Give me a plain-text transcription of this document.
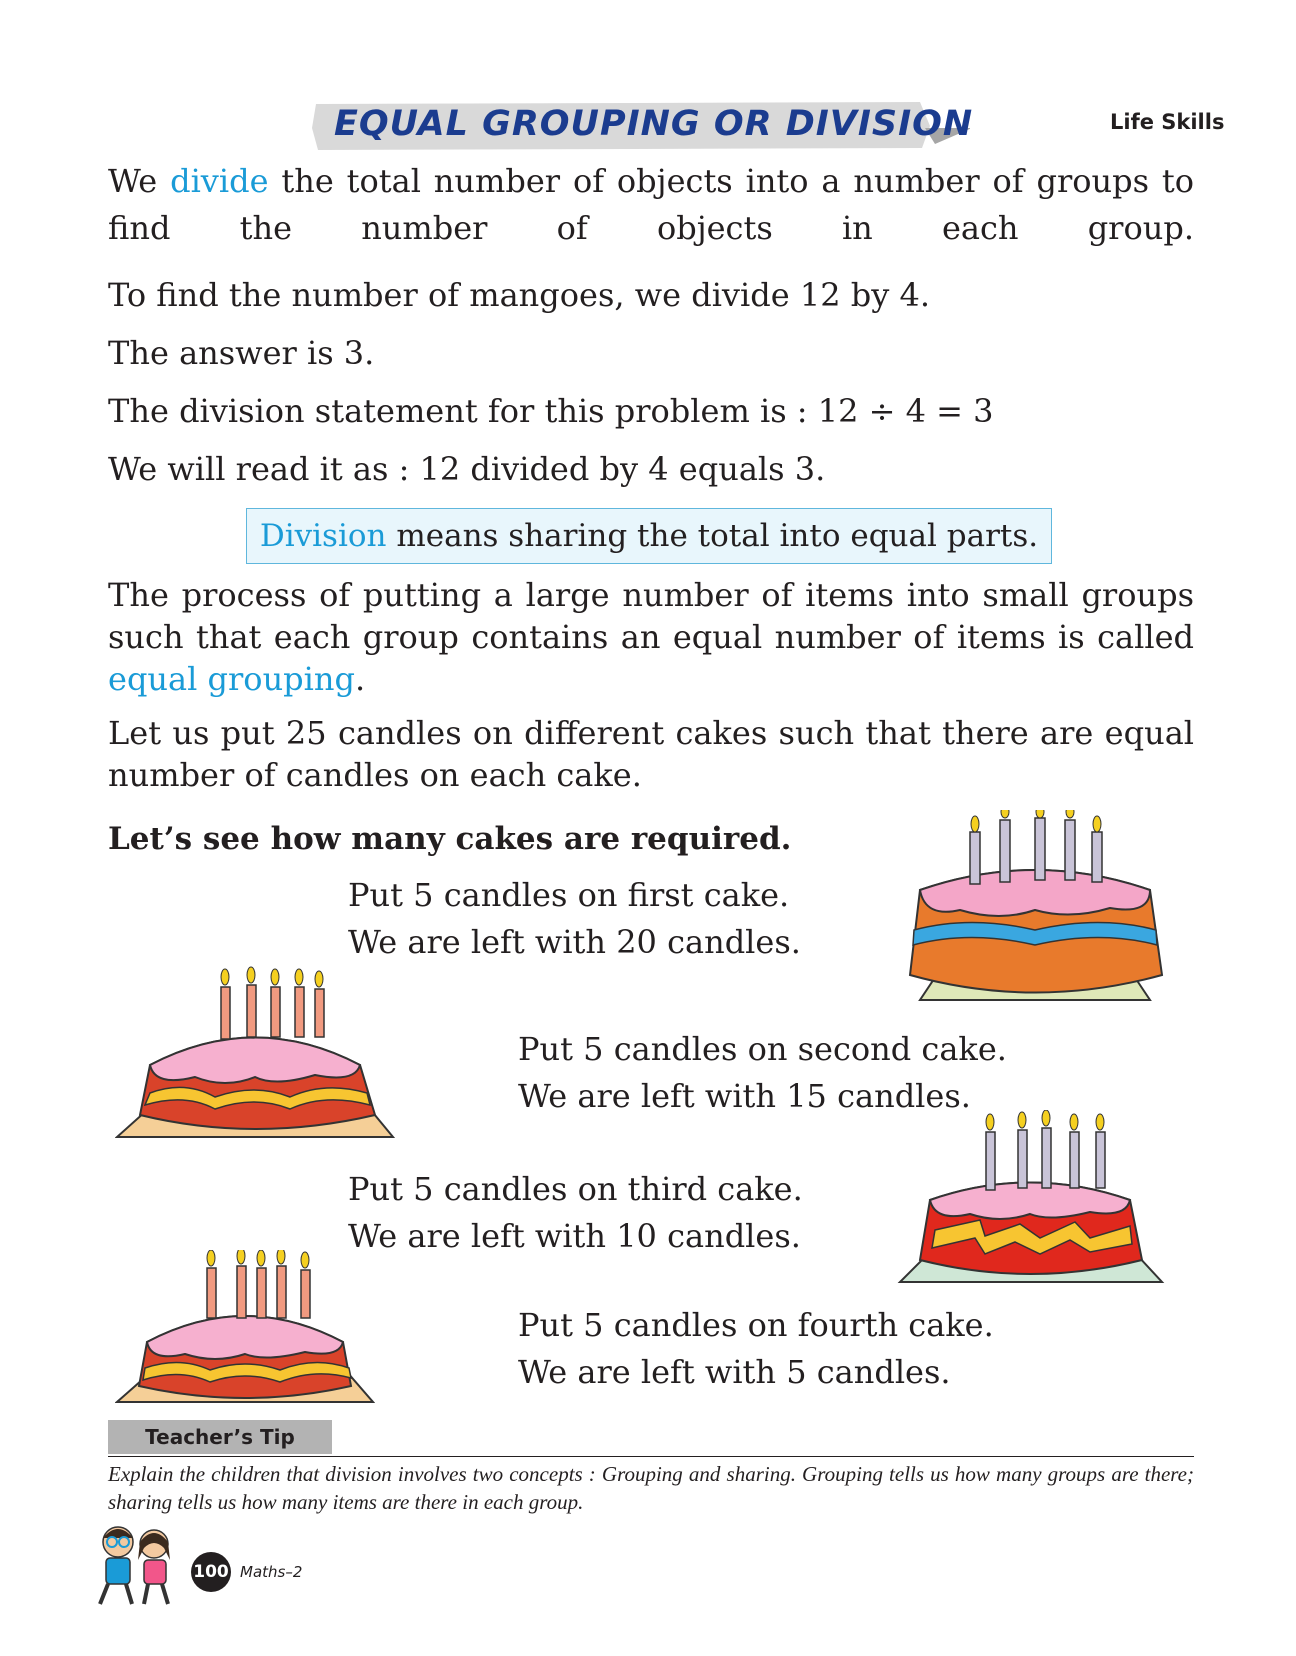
EQUAL GROUPING OR DIVISION	Life Skills
We divide the total number of objects into a number of groups to find the number of objects in each group.
To find the number of mangoes, we divide 12 by 4.
The answer is 3.
The division statement for this problem is : 12 ÷ 4 = 3
We will read it as : 12 divided by 4 equals 3.
Division means sharing the total into equal parts.
The process of putting a large number of items into small groups such that each group contains an equal number of items is called equal grouping.
Let us put 25 candles on different cakes such that there are equal number of candles on each cake.
Let’s see how many cakes are required.
Put 5 candles on first cake.
We are left with 20 candles.
Put 5 candles on second cake.
We are left with 15 candles.
Put 5 candles on third cake.
We are left with 10 candles.
Put 5 candles on fourth cake.
We are left with 5 candles.
Teacher’s Tip
Explain the children that division involves two concepts : Grouping and sharing. Grouping tells us how many groups are there; sharing tells us how many items are there in each group.
100 Maths–2
